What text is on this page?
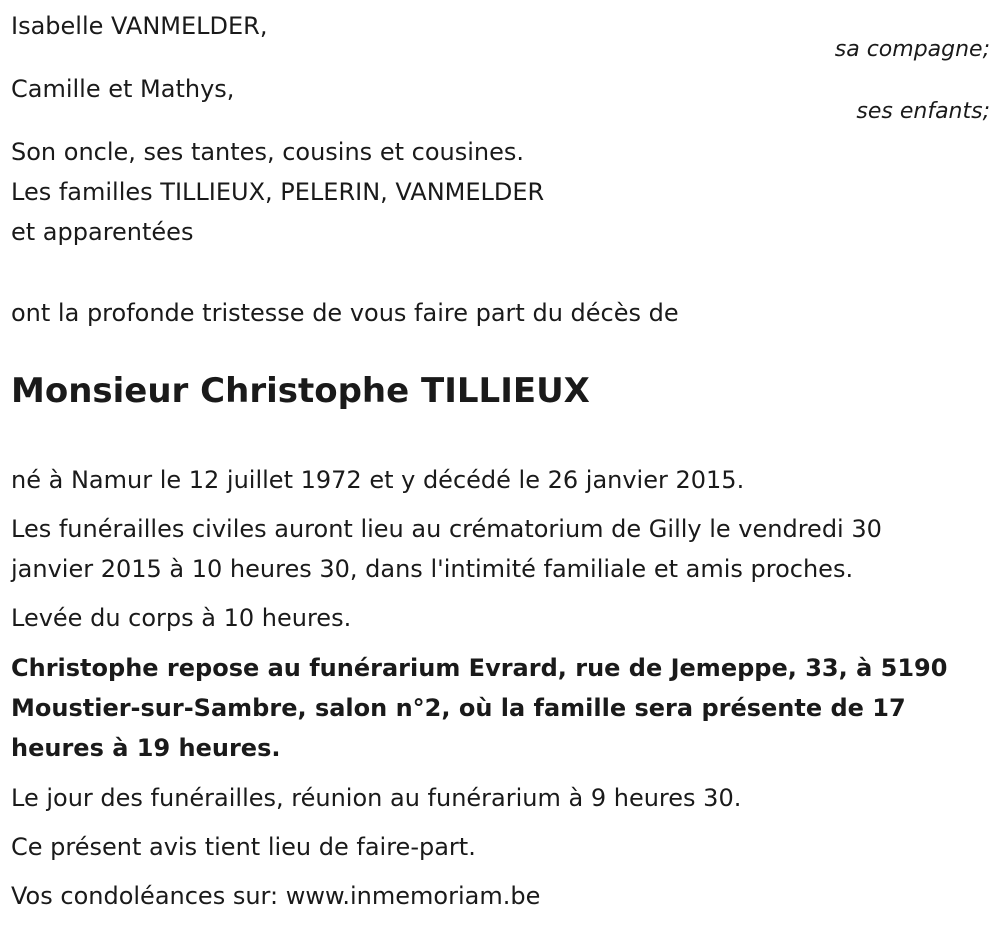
Isabelle VANMELDER,

sa compagne;

Camille et Mathys,

ses enfants;

Son oncle, ses tantes, cousins et cousines.

Les familles TILLIEUX, PELERIN, VANMELDER

et apparentées

ont la profonde tristesse de vous faire part du décès de

Monsieur Christophe TILLIEUX

né à Namur le 12 juillet 1972 et y décédé le 26 janvier 2015.

Les funérailles civiles auront lieu au crématorium de Gilly le vendredi 30

janvier 2015 à 10 heures 30, dans l'intimité familiale et amis proches.

Levée du corps à 10 heures.

Christophe repose au funérarium Evrard, rue de Jemeppe, 33, à 5190

Moustier-sur-Sambre, salon n°2, où la famille sera présente de 17

heures à 19 heures.

Le jour des funérailles, réunion au funérarium à 9 heures 30.

Ce présent avis tient lieu de faire-part.

Vos condoléances sur: www.inmemoriam.be
